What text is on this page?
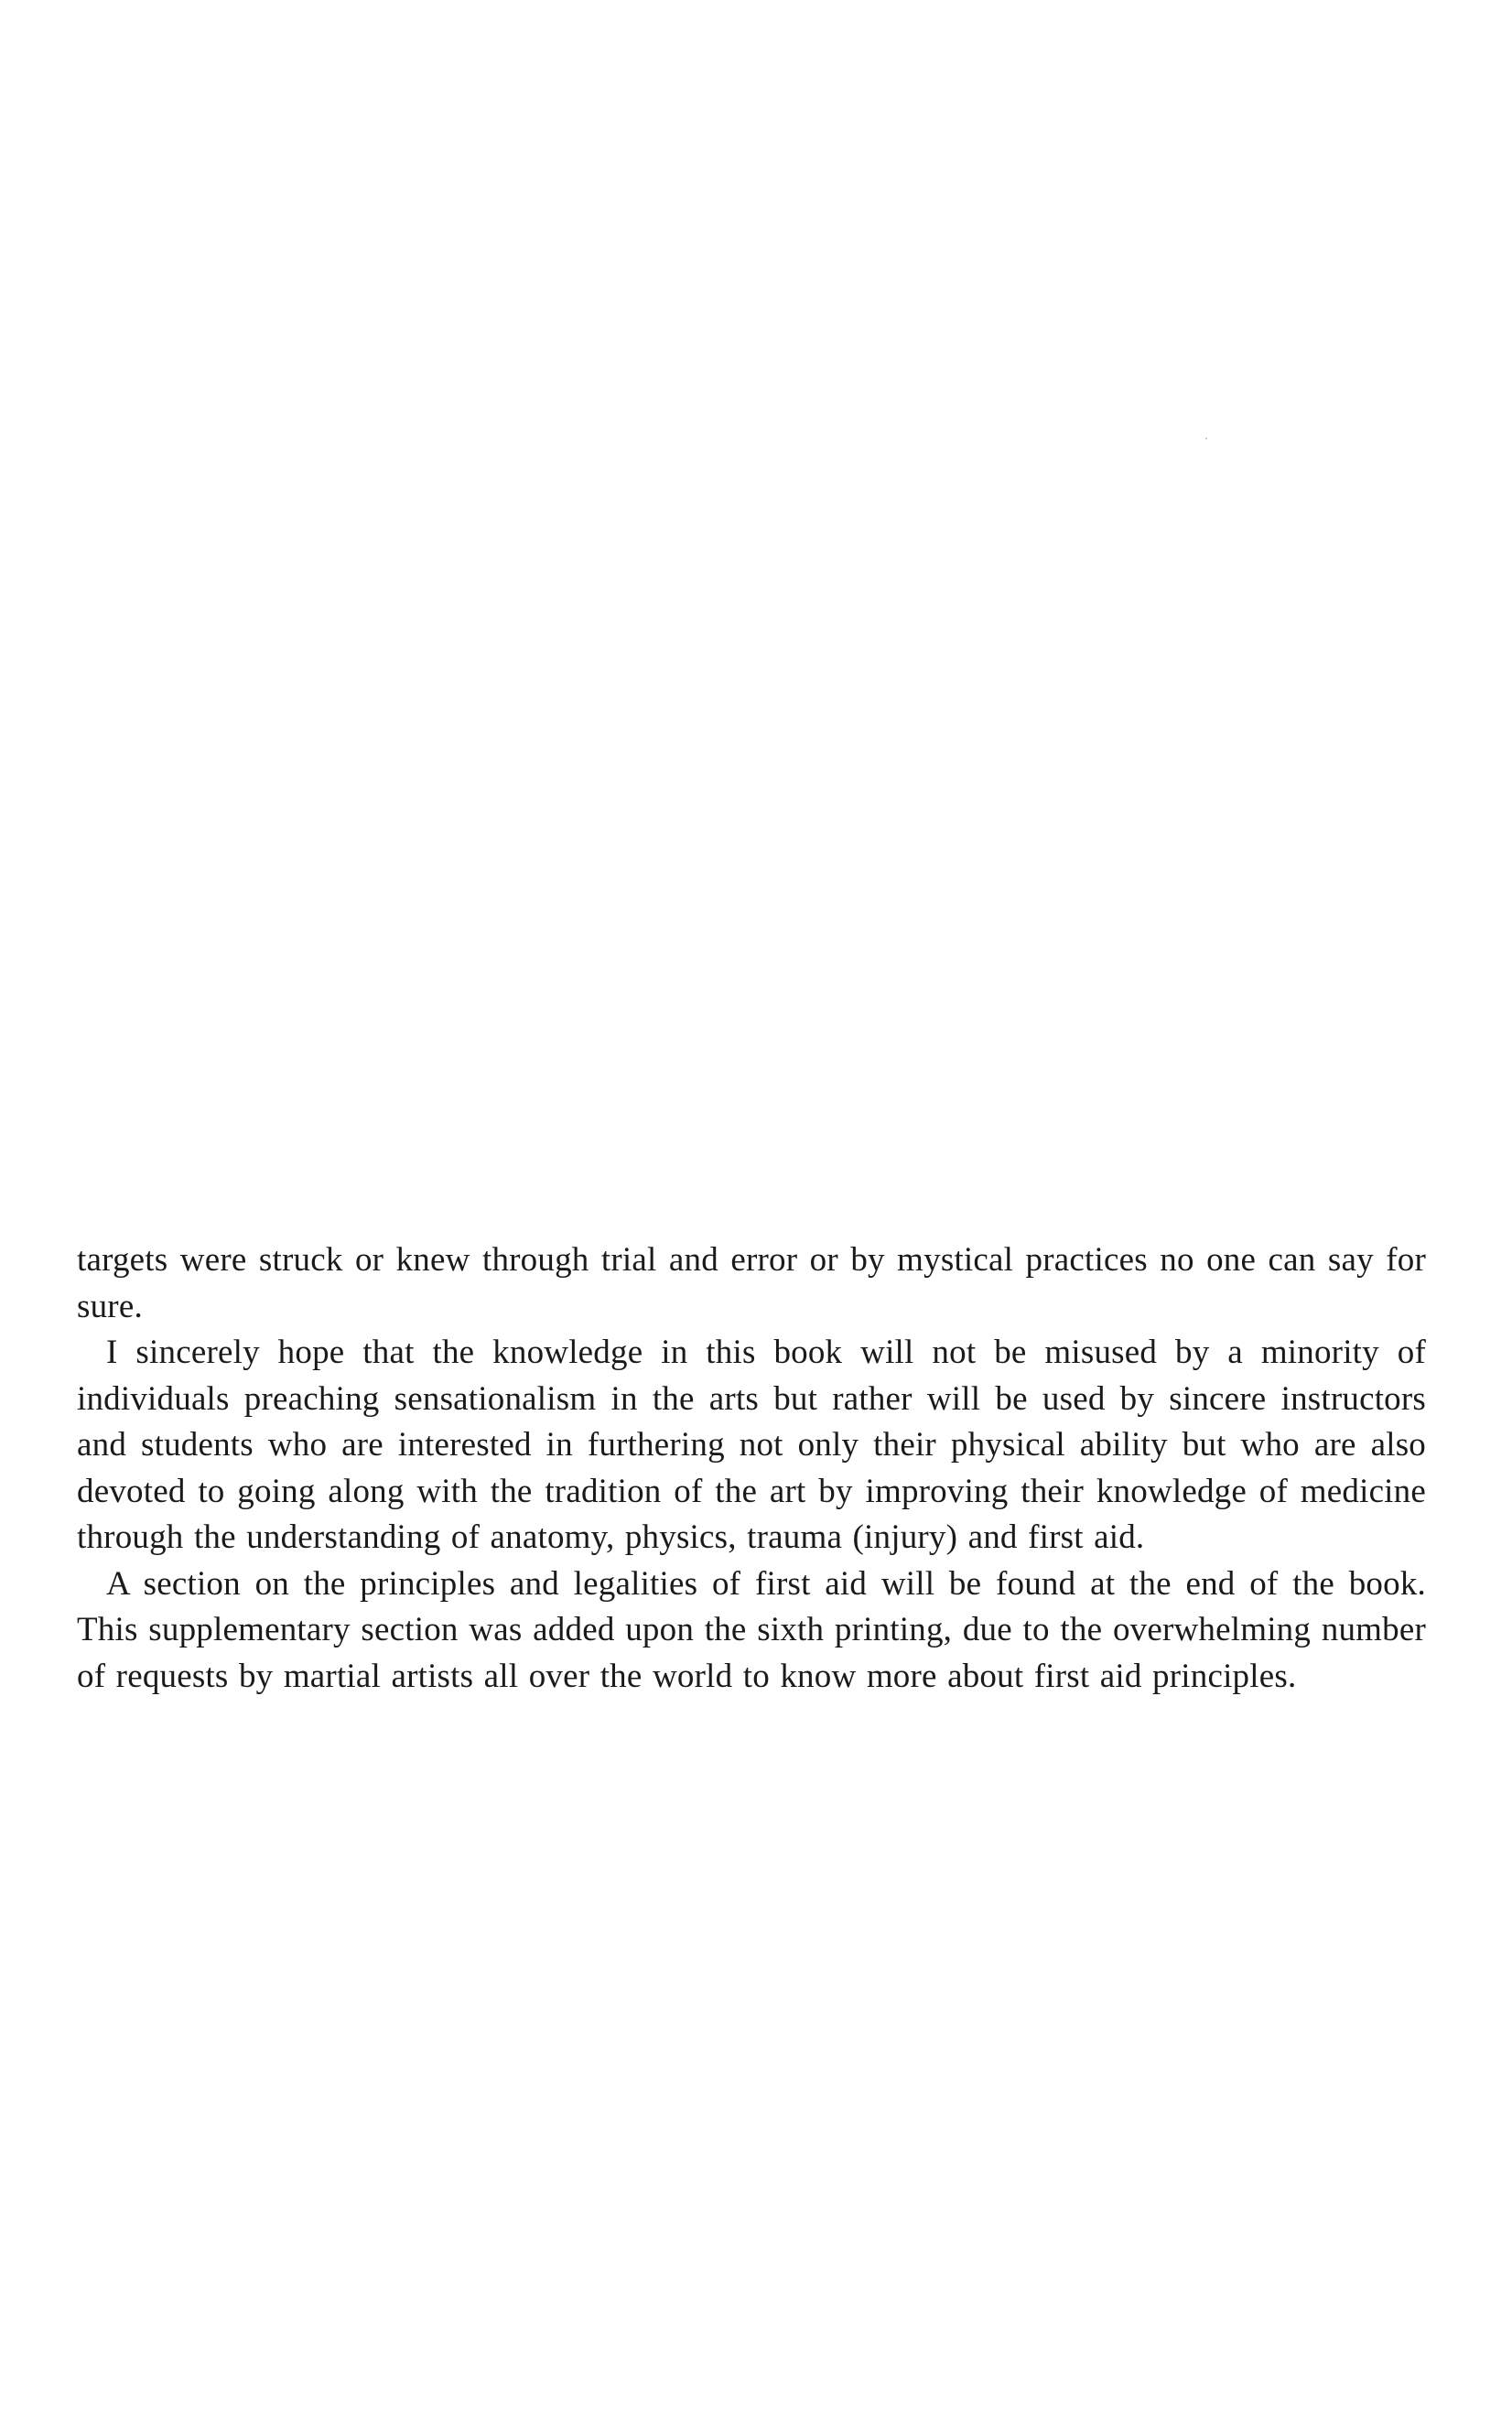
targets were struck or knew through trial and error or by mystical practices no one can say for sure.

I sincerely hope that the knowledge in this book will not be misused by a minority of individuals preaching sensationalism in the arts but rather will be used by sincere instructors and students who are interested in furthering not only their physical ability but who are also devoted to going along with the tradition of the art by improving their knowledge of medicine through the understanding of anatomy, physics, trauma (injury) and first aid.

A section on the principles and legalities of first aid will be found at the end of the book. This supplementary section was added upon the sixth printing, due to the overwhelming number of requests by martial artists all over the world to know more about first aid principles.
